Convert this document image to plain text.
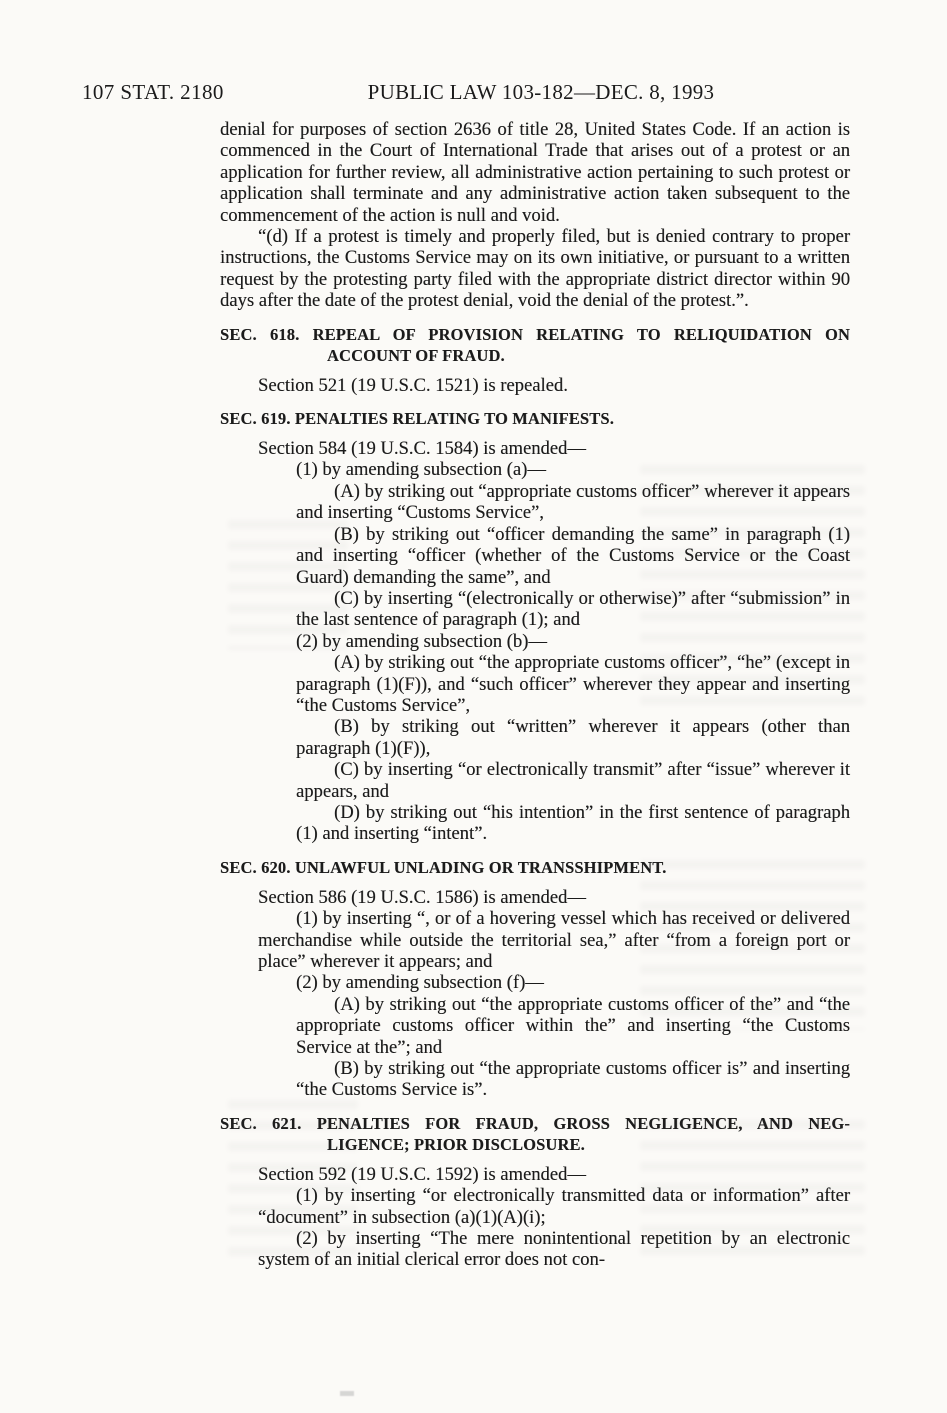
107 STAT. 2180	PUBLIC LAW 103-182—DEC. 8, 1993
denial for purposes of section 2636 of title 28, United States Code. If an action is commenced in the Court of International Trade that arises out of a protest or an application for further review, all administrative action pertaining to such protest or application shall terminate and any administrative action taken subsequent to the commencement of the action is null and void.
“(d) If a protest is timely and properly filed, but is denied contrary to proper instructions, the Customs Service may on its own initiative, or pursuant to a written request by the protesting party filed with the appropriate district director within 90 days after the date of the protest denial, void the denial of the protest.”.
SEC. 618. REPEAL OF PROVISION RELATING TO RELIQUIDATION ON
ACCOUNT OF FRAUD.
Section 521 (19 U.S.C. 1521) is repealed.
SEC. 619. PENALTIES RELATING TO MANIFESTS.
Section 584 (19 U.S.C. 1584) is amended—
(1) by amending subsection (a)—
(A) by striking out “appropriate customs officer” wherever it appears and inserting “Customs Service”,
(B) by striking out “officer demanding the same” in paragraph (1) and inserting “officer (whether of the Customs Service or the Coast Guard) demanding the same”, and
(C) by inserting “(electronically or otherwise)” after “submission” in the last sentence of paragraph (1); and
(2) by amending subsection (b)—
(A) by striking out “the appropriate customs officer”, “he” (except in paragraph (1)(F)), and “such officer” wherever they appear and inserting “the Customs Service”,
(B) by striking out “written” wherever it appears (other than paragraph (1)(F)),
(C) by inserting “or electronically transmit” after “issue” wherever it appears, and
(D) by striking out “his intention” in the first sentence of paragraph (1) and inserting “intent”.
SEC. 620. UNLAWFUL UNLADING OR TRANSSHIPMENT.
Section 586 (19 U.S.C. 1586) is amended—
(1) by inserting “, or of a hovering vessel which has received or delivered merchandise while outside the territorial sea,” after “from a foreign port or place” wherever it appears; and
(2) by amending subsection (f)—
(A) by striking out “the appropriate customs officer of the” and “the appropriate customs officer within the” and inserting “the Customs Service at the”; and
(B) by striking out “the appropriate customs officer is” and inserting “the Customs Service is”.
SEC. 621. PENALTIES FOR FRAUD, GROSS NEGLIGENCE, AND NEG-
LIGENCE; PRIOR DISCLOSURE.
Section 592 (19 U.S.C. 1592) is amended—
(1) by inserting “or electronically transmitted data or information” after “document” in subsection (a)(1)(A)(i);
(2) by inserting “The mere nonintentional repetition by an electronic system of an initial clerical error does not con-
